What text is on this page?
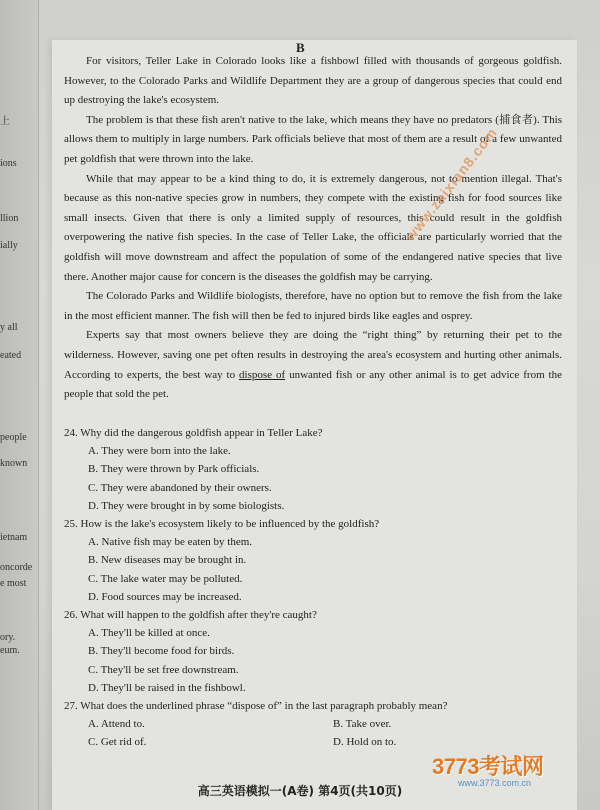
上
ions
llion
ially
y all
eated
people
known
ietnam
oncorde
e most
ory.
eum.
B

For visitors, Teller Lake in Colorado looks like a fishbowl filled with thousands of gorgeous goldfish. However, to the Colorado Parks and Wildlife Department they are a group of dangerous species that could end up destroying the lake's ecosystem.

The problem is that these fish aren't native to the lake, which means they have no predators (捕食者). This allows them to multiply in large numbers. Park officials believe that most of them are a result of a few unwanted pet goldfish that were thrown into the lake.

While that may appear to be a kind thing to do, it is extremely dangerous, not to mention illegal. That's because as this non-native species grow in numbers, they compete with the existing fish for food sources like small insects. Given that there is only a limited supply of resources, this could result in the goldfish overpowering the native fish species. In the case of Teller Lake, the officials are particularly worried that the goldfish will move downstream and affect the population of some of the endangered native species that live there. Another major cause for concern is the diseases the goldfish may be carrying.

The Colorado Parks and Wildlife biologists, therefore, have no option but to remove the fish from the lake in the most efficient manner. The fish will then be fed to injured birds like eagles and osprey.

Experts say that most owners believe they are doing the “right thing” by returning their pet to the wilderness. However, saving one pet often results in destroying the area's ecosystem and hurting other animals. According to experts, the best way to dispose of unwanted fish or any other animal is to get advice from the people that sold the pet.

24. Why did the dangerous goldfish appear in Teller Lake?

A. They were born into the lake.

B. They were thrown by Park officials.

C. They were abandoned by their owners.

D. They were brought in by some biologists.

25. How is the lake's ecosystem likely to be influenced by the goldfish?

A. Native fish may be eaten by them.

B. New diseases may be brought in.

C. The lake water may be polluted.

D. Food sources may be increased.

26. What will happen to the goldfish after they're caught?

A. They'll be killed at once.

B. They'll become food for birds.

C. They'll be set free downstream.

D. They'll be raised in the fishbowl.

27. What does the underlined phrase “dispose of” in the last paragraph probably mean?

A. Attend to.	B. Take over.
C. Get rid of.	D. Hold on to.
高三英语模拟一(A卷) 第4页(共10页)
www.zaixian8.com
3773考试网
www.3773.com.cn
